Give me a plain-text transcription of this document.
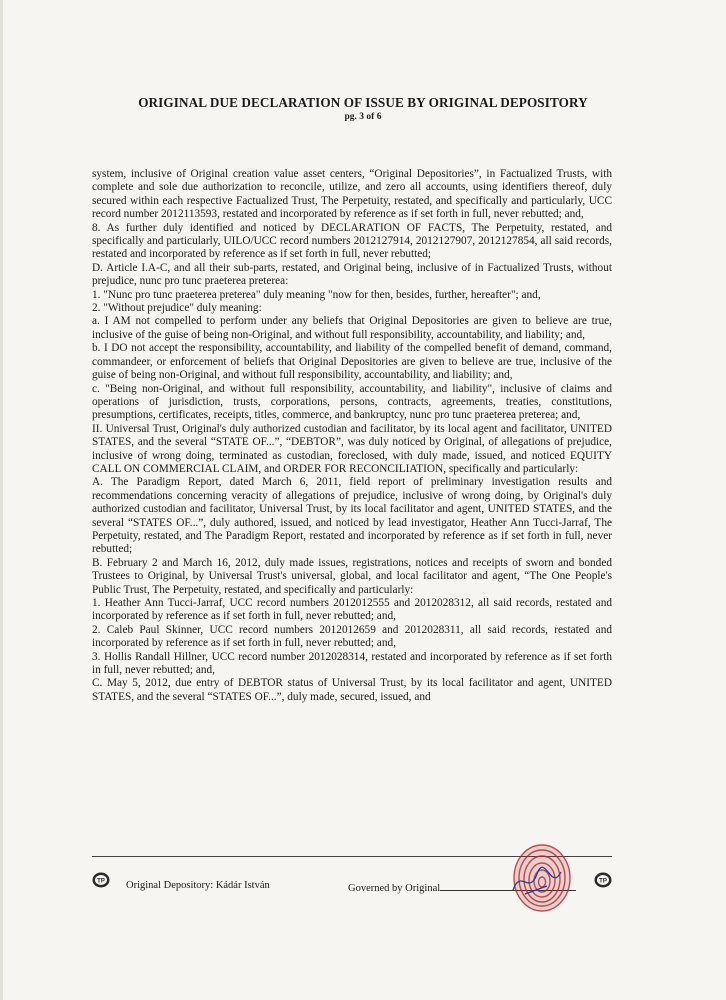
ORIGINAL DUE DECLARATION OF ISSUE BY ORIGINAL DEPOSITORY
pg. 3 of 6

system, inclusive of Original creation value asset centers, “Original Depositories”, in Factualized Trusts, with complete and sole due authorization to reconcile, utilize, and zero all accounts, using identifiers thereof, duly secured within each respective Factualized Trust, The Perpetuity, restated, and specifically and particularly, UCC record number 2012113593, restated and incorporated by reference as if set forth in full, never rebutted; and,

8. As further duly identified and noticed by DECLARATION OF FACTS, The Perpetuity, restated, and specifically and particularly, UILO/UCC record numbers 2012127914, 2012127907, 2012127854, all said records, restated and incorporated by reference as if set forth in full, never rebutted;

D. Article I.A-C, and all their sub-parts, restated, and Original being, inclusive of in Factualized Trusts, without prejudice, nunc pro tunc praeterea preterea:

1. "Nunc pro tunc praeterea preterea" duly meaning "now for then, besides, further, hereafter"; and,

2. "Without prejudice" duly meaning:

a. I AM not compelled to perform under any beliefs that Original Depositories are given to believe are true, inclusive of the guise of being non-Original, and without full responsibility, accountability, and liability; and,

b. I DO not accept the responsibility, accountability, and liability of the compelled benefit of demand, command, commandeer, or enforcement of beliefs that Original Depositories are given to believe are true, inclusive of the guise of being non-Original, and without full responsibility, accountability, and liability; and,

c. "Being non-Original, and without full responsibility, accountability, and liability", inclusive of claims and operations of jurisdiction, trusts, corporations, persons, contracts, agreements, treaties, constitutions, presumptions, certificates, receipts, titles, commerce, and bankruptcy, nunc pro tunc praeterea preterea; and,

II. Universal Trust, Original's duly authorized custodian and facilitator, by its local agent and facilitator, UNITED STATES, and the several “STATE OF...”, “DEBTOR”, was duly noticed by Original, of allegations of prejudice, inclusive of wrong doing, terminated as custodian, foreclosed, with duly made, issued, and noticed EQUITY CALL ON COMMERCIAL CLAIM, and ORDER FOR RECONCILIATION, specifically and particularly:

A. The Paradigm Report, dated March 6, 2011, field report of preliminary investigation results and recommendations concerning veracity of allegations of prejudice, inclusive of wrong doing, by Original's duly authorized custodian and facilitator, Universal Trust, by its local facilitator and agent, UNITED STATES, and the several “STATES OF...”, duly authored, issued, and noticed by lead investigator, Heather Ann Tucci-Jarraf, The Perpetuity, restated, and The Paradigm Report, restated and incorporated by reference as if set forth in full, never rebutted;

B. February 2 and March 16, 2012, duly made issues, registrations, notices and receipts of sworn and bonded Trustees to Original, by Universal Trust's universal, global, and local facilitator and agent, “The One People's Public Trust, The Perpetuity, restated, and specifically and particularly:

1. Heather Ann Tucci-Jarraf, UCC record numbers 2012012555 and 2012028312, all said records, restated and incorporated by reference as if set forth in full, never rebutted; and,

2. Caleb Paul Skinner, UCC record numbers 2012012659 and 2012028311, all said records, restated and incorporated by reference as if set forth in full, never rebutted; and,

3. Hollis Randall Hillner, UCC record number 2012028314, restated and incorporated by reference as if set forth in full, never rebutted; and,

C. May 5, 2012, due entry of DEBTOR status of Universal Trust, by its local facilitator and agent, UNITED STATES, and the several “STATES OF...”, duly made, secured, issued, and

TP Original Depository: Kádár István	Governed by Original
TP
